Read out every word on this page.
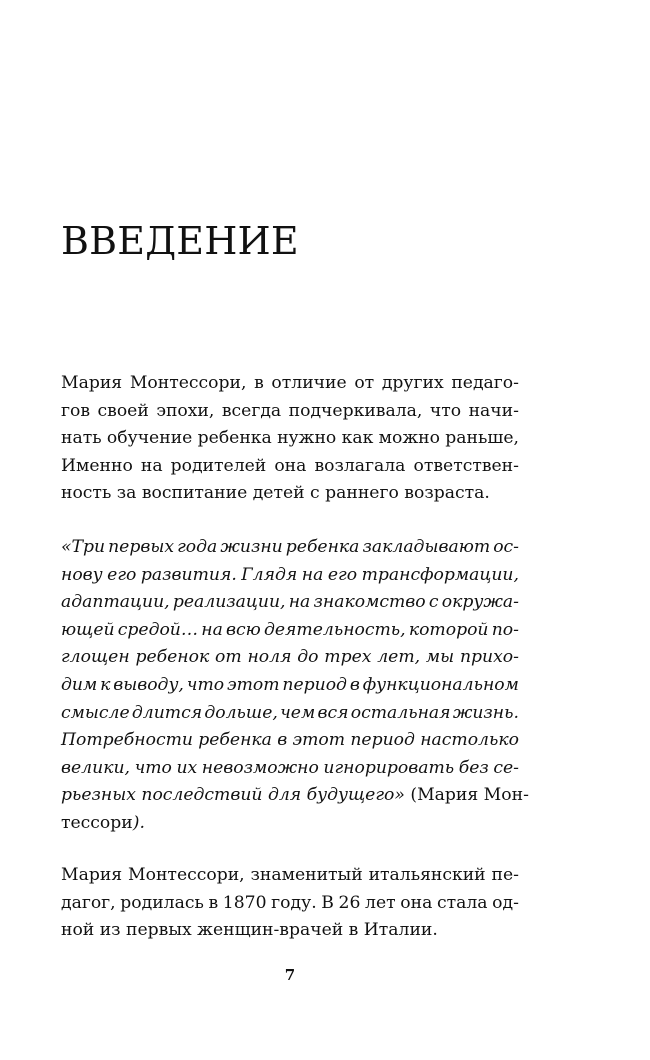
ВВЕДЕНИЕ
Мария Монтессори, в отличие от других педаго-
гов своей эпохи, всегда подчеркивала, что начи-
нать обучение ребенка нужно как можно раньше,
Именно на родителей она возлагала ответствен-
ность за воспитание детей с раннего возраста.
«Три первых года жизни ребенка закладывают ос-
нову его развития. Глядя на его трансформации,
адаптации, реализации, на знакомство с окружа-
ющей средой… на всю деятельность, которой по-
глощен ребенок от ноля до трех лет, мы прихо-
дим к выводу, что этот период в функциональном
смысле длится дольше, чем вся остальная жизнь.
Потребности ребенка в этот период настолько
велики, что их невозможно игнорировать без се-
рьезных последствий для будущего» (Мария Мон-
тессори).
Мария Монтессори, знаменитый итальянский пе-
дагог, родилась в 1870 году. В 26 лет она стала од-
ной из первых женщин-врачей в Италии.
7
